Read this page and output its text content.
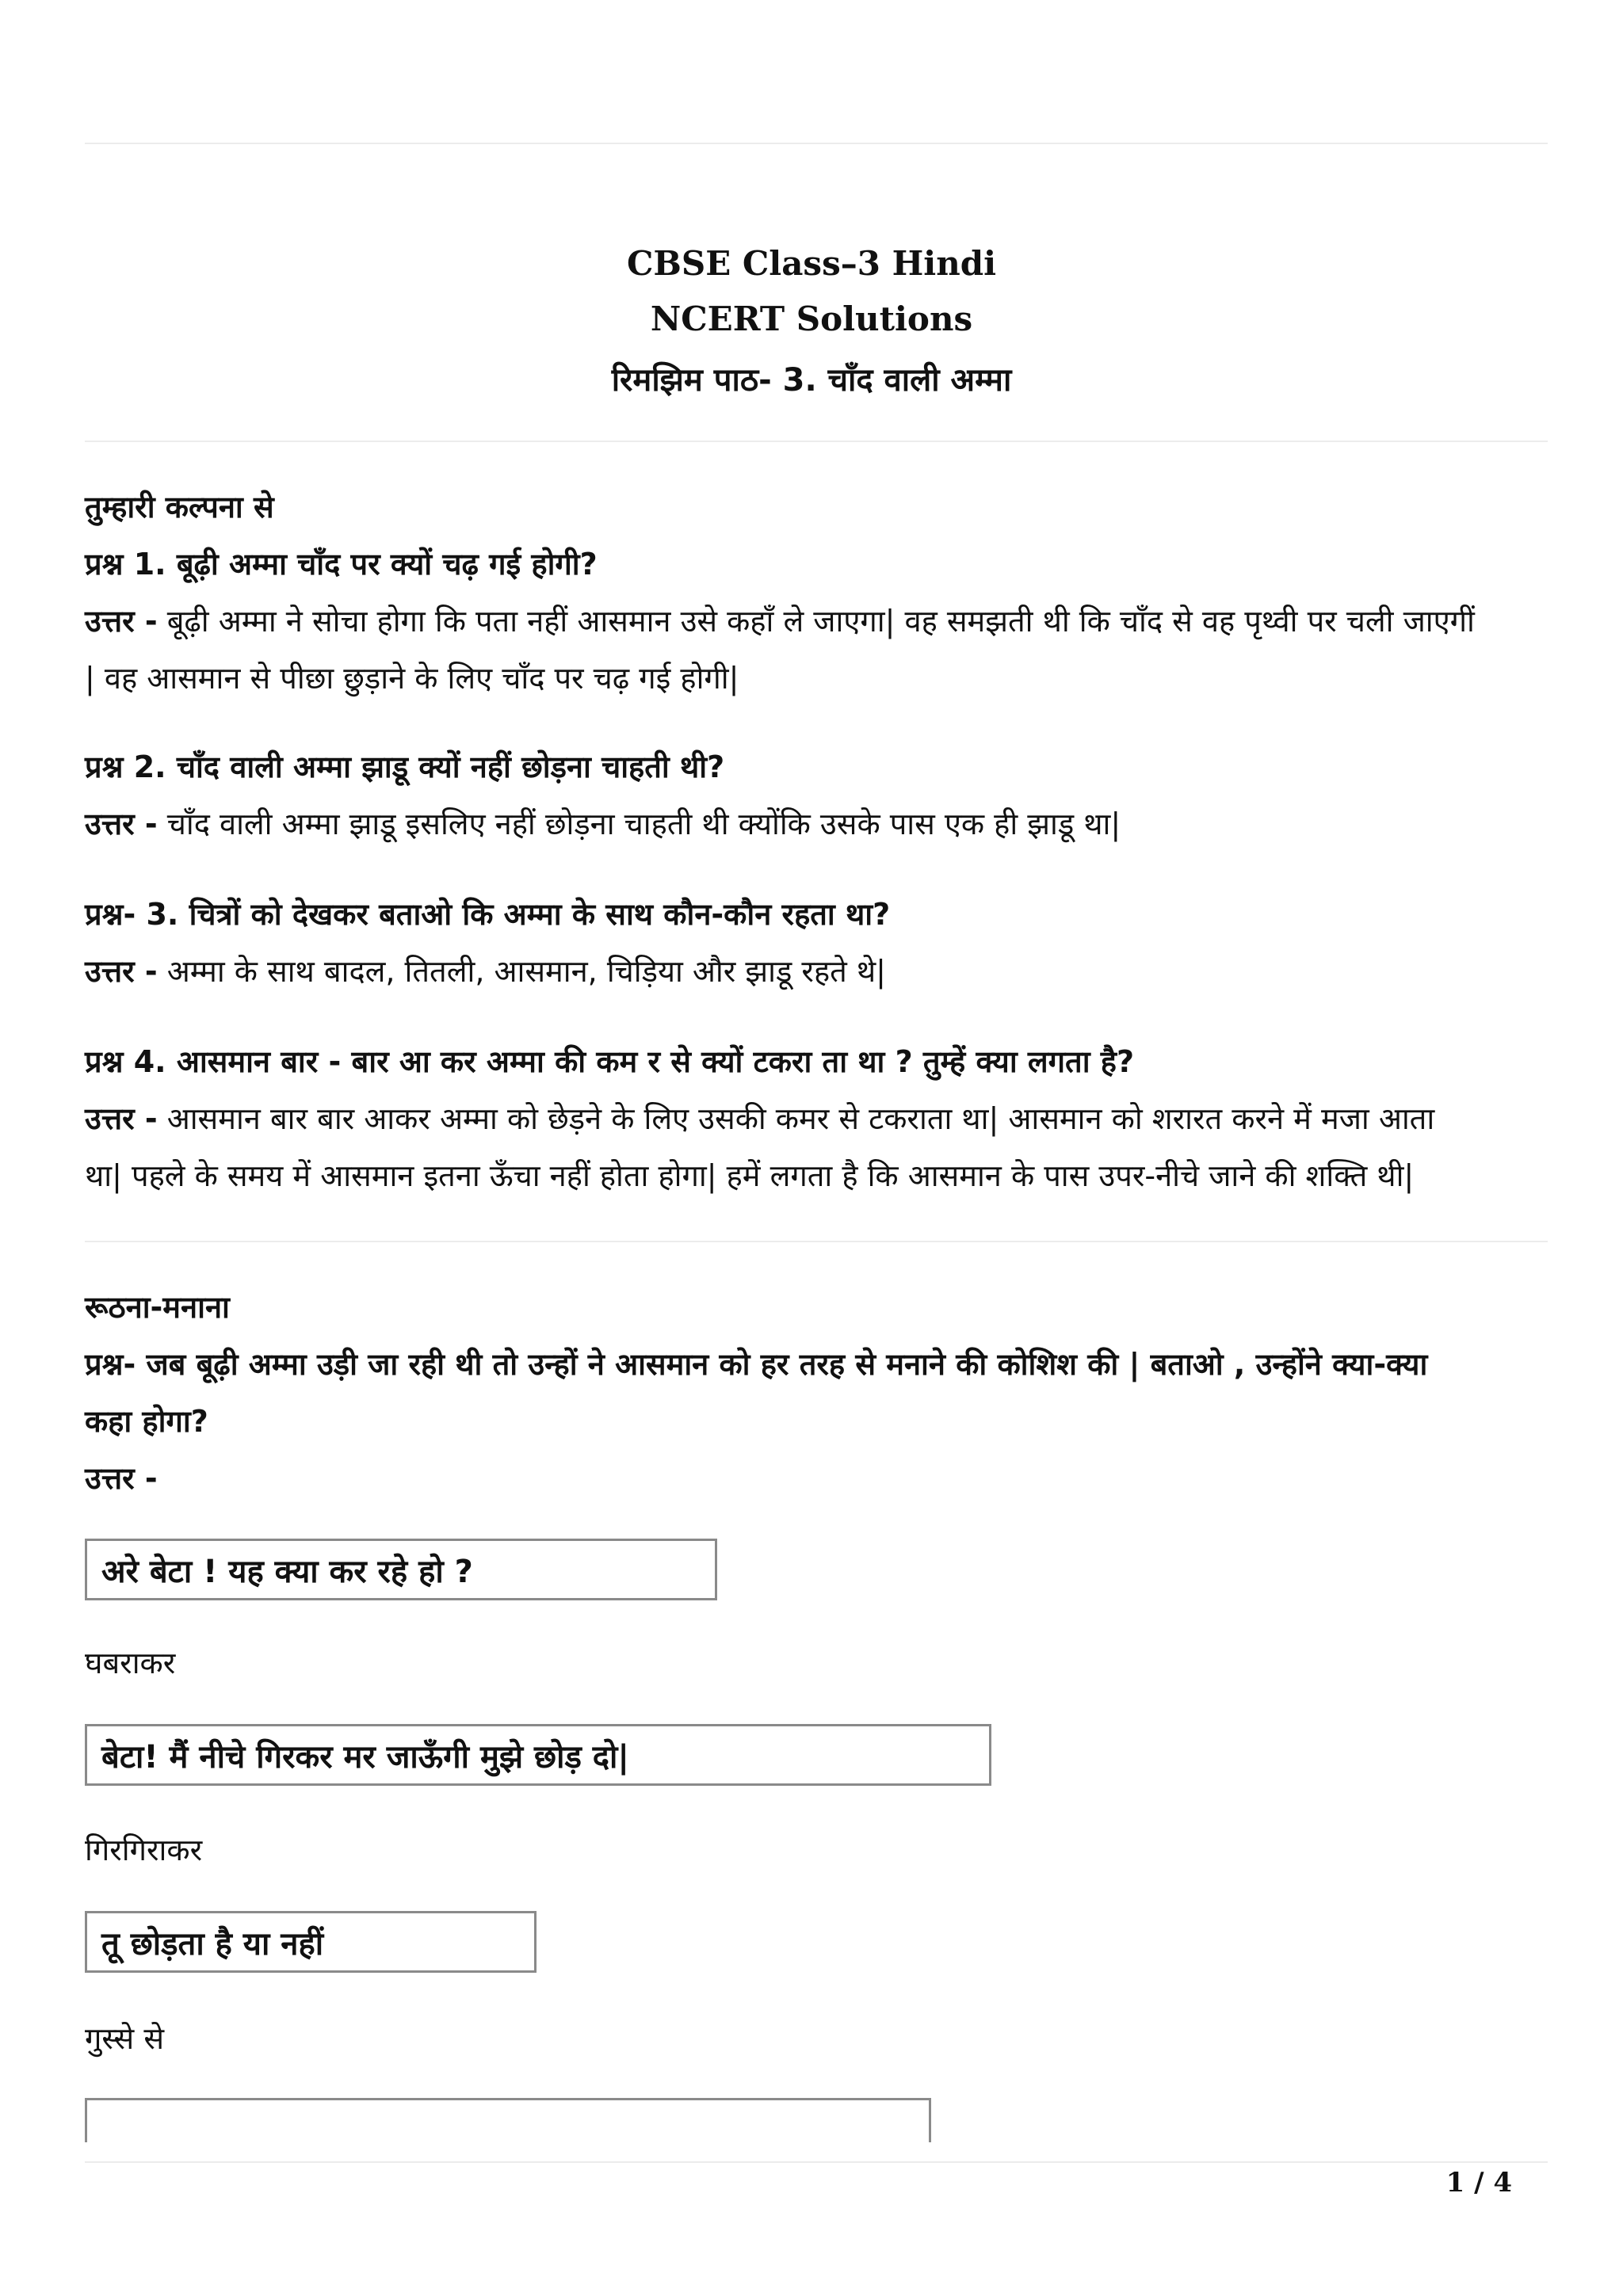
CBSE Class–3 Hindi
NCERT Solutions
रिमझिम पाठ- 3. चाँद वाली अम्मा
तुम्हारी कल्पना से
प्रश्न 1. बूढ़ी अम्मा चाँद पर क्यों चढ़ गई होगी?
उत्तर - बूढ़ी अम्मा ने सोचा होगा कि पता नहीं आसमान उसे कहाँ ले जाएगा| वह समझती थी कि चाँद से वह पृथ्वी पर चली जाएगीं
| वह आसमान से पीछा छुड़ाने के लिए चाँद पर चढ़ गई होगी|
प्रश्न 2. चाँद वाली अम्मा झाडू क्यों नहीं छोड़ना चाहती थी?
उत्तर - चाँद वाली अम्मा झाडू इसलिए नहीं छोड़ना चाहती थी क्योंकि उसके पास एक ही झाडू था|
प्रश्न- 3. चित्रों को देखकर बताओ कि अम्मा के साथ कौन-कौन रहता था?
उत्तर - अम्मा के साथ बादल, तितली, आसमान, चिड़िया और झाडू रहते थे|
प्रश्न 4. आसमान बार - बार आ कर अम्मा की कम र से क्यों टकरा ता था ? तुम्हें क्या लगता है?
उत्तर - आसमान बार बार आकर अम्मा को छेड़ने के लिए उसकी कमर से टकराता था| आसमान को शरारत करने में मजा आता
था| पहले के समय में आसमान इतना ऊँचा नहीं होता होगा| हमें लगता है कि आसमान के पास उपर-नीचे जाने की शक्ति थी|
रूठना-मनाना
प्रश्न- जब बूढ़ी अम्मा उड़ी जा रही थी तो उन्हों ने आसमान को हर तरह से मनाने की कोशिश की | बताओ , उन्होंने क्या-क्या
कहा होगा?
उत्तर -
अरे बेटा ! यह क्या कर रहे हो ?
घबराकर
बेटा! मैं नीचे गिरकर मर जाऊँगी मुझे छोड़ दो|
गिरगिराकर
तू छोड़ता है या नहीं
गुस्से से
1 / 4
